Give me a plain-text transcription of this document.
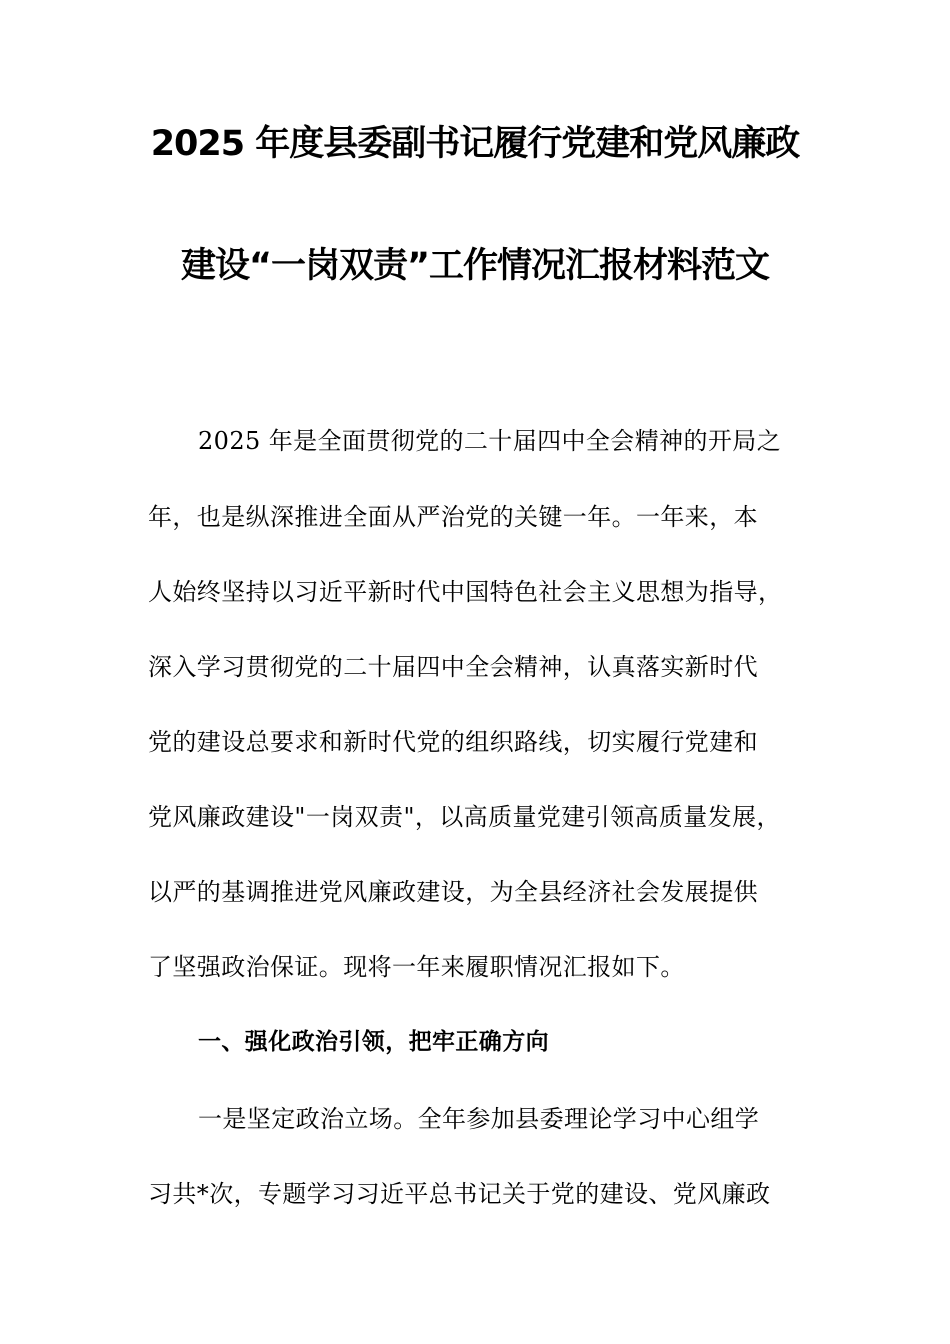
2025 年度县委副书记履行党建和党风廉政
建设“一岗双责”工作情况汇报材料范文
2025 年是全面贯彻党的二十届四中全会精神的开局之
年，也是纵深推进全面从严治党的关键一年。一年来，本
人始终坚持以习近平新时代中国特色社会主义思想为指导，
深入学习贯彻党的二十届四中全会精神，认真落实新时代
党的建设总要求和新时代党的组织路线，切实履行党建和
党风廉政建设"一岗双责"，以高质量党建引领高质量发展，
以严的基调推进党风廉政建设，为全县经济社会发展提供
了坚强政治保证。现将一年来履职情况汇报如下。
一、强化政治引领，把牢正确方向
一是坚定政治立场。全年参加县委理论学习中心组学
习共*次，专题学习习近平总书记关于党的建设、党风廉政
